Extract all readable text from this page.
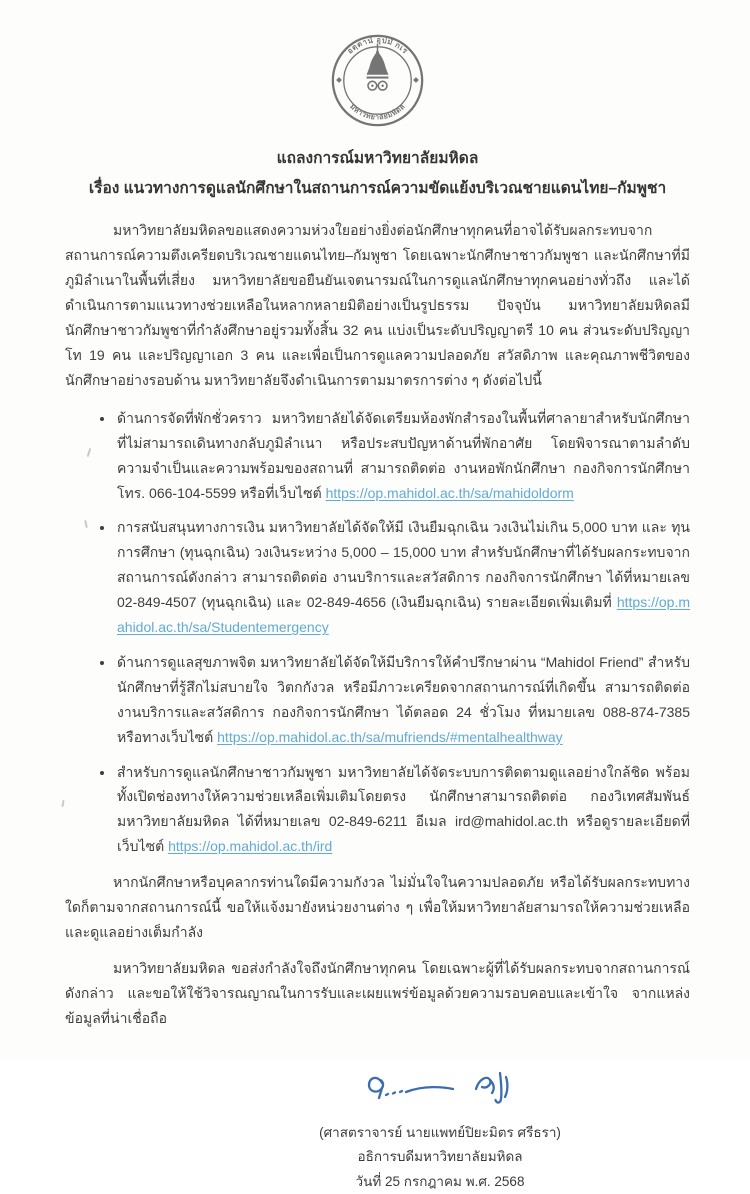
อตฺตานํ อุปมํ กเร
มหาวิทยาลัยมหิดล
แถลงการณ์มหาวิทยาลัยมหิดล
เรื่อง แนวทางการดูแลนักศึกษาในสถานการณ์ความขัดแย้งบริเวณชายแดนไทย–กัมพูชา

มหาวิทยาลัยมหิดลขอแสดงความห่วงใยอย่างยิ่งต่อนักศึกษาทุกคนที่อาจได้รับผลกระทบจากสถานการณ์ความตึงเครียดบริเวณชายแดนไทย–กัมพูชา โดยเฉพาะนักศึกษาชาวกัมพูชา และนักศึกษาที่มีภูมิลำเนาในพื้นที่เสี่ยง มหาวิทยาลัยขอยืนยันเจตนารมณ์ในการดูแลนักศึกษาทุกคนอย่างทั่วถึง และได้ดำเนินการตามแนวทางช่วยเหลือในหลากหลายมิติอย่างเป็นรูปธรรม ปัจจุบัน มหาวิทยาลัยมหิดลมีนักศึกษาชาวกัมพูชาที่กำลังศึกษาอยู่รวมทั้งสิ้น 32 คน แบ่งเป็นระดับปริญญาตรี 10 คน ส่วนระดับปริญญาโท 19 คน และปริญญาเอก 3 คน และเพื่อเป็นการดูแลความปลอดภัย สวัสดิภาพ และคุณภาพชีวิตของนักศึกษาอย่างรอบด้าน มหาวิทยาลัยจึงดำเนินการตามมาตรการต่าง ๆ ดังต่อไปนี้

• ด้านการจัดที่พักชั่วคราว มหาวิทยาลัยได้จัดเตรียมห้องพักสำรองในพื้นที่ศาลายาสำหรับนักศึกษาที่ไม่สามารถเดินทางกลับภูมิลำเนา หรือประสบปัญหาด้านที่พักอาศัย โดยพิจารณาตามลำดับความจำเป็นและความพร้อมของสถานที่ สามารถติดต่อ งานหอพักนักศึกษา กองกิจการนักศึกษา โทร. 066-104-5599 หรือที่เว็บไซต์ https://op.mahidol.ac.th/sa/mahidoldorm
• การสนับสนุนทางการเงิน มหาวิทยาลัยได้จัดให้มี เงินยืมฉุกเฉิน วงเงินไม่เกิน 5,000 บาท และ ทุนการศึกษา (ทุนฉุกเฉิน) วงเงินระหว่าง 5,000 – 15,000 บาท สำหรับนักศึกษาที่ได้รับผลกระทบจากสถานการณ์ดังกล่าว สามารถติดต่อ งานบริการและสวัสดิการ กองกิจการนักศึกษา ได้ที่หมายเลข 02-849-4507 (ทุนฉุกเฉิน) และ 02-849-4656 (เงินยืมฉุกเฉิน) รายละเอียดเพิ่มเติมที่ https://op.mahidol.ac.th/sa/Studentemergency
• ด้านการดูแลสุขภาพจิต มหาวิทยาลัยได้จัดให้มีบริการให้คำปรึกษาผ่าน “Mahidol Friend” สำหรับนักศึกษาที่รู้สึกไม่สบายใจ วิตกกังวล หรือมีภาวะเครียดจากสถานการณ์ที่เกิดขึ้น สามารถติดต่องานบริการและสวัสดิการ กองกิจการนักศึกษา ได้ตลอด 24 ชั่วโมง ที่หมายเลข 088-874-7385 หรือทางเว็บไซต์ https://op.mahidol.ac.th/sa/mufriends/#mentalhealthway
• สำหรับการดูแลนักศึกษาชาวกัมพูชา มหาวิทยาลัยได้จัดระบบการติดตามดูแลอย่างใกล้ชิด พร้อมทั้งเปิดช่องทางให้ความช่วยเหลือเพิ่มเติมโดยตรง นักศึกษาสามารถติดต่อ กองวิเทศสัมพันธ์ มหาวิทยาลัยมหิดล ได้ที่หมายเลข 02-849-6211 อีเมล ird@mahidol.ac.th หรือดูรายละเอียดที่เว็บไซต์ https://op.mahidol.ac.th/ird

หากนักศึกษาหรือบุคลากรท่านใดมีความกังวล ไม่มั่นใจในความปลอดภัย หรือได้รับผลกระทบทางใดก็ตามจากสถานการณ์นี้ ขอให้แจ้งมายังหน่วยงานต่าง ๆ เพื่อให้มหาวิทยาลัยสามารถให้ความช่วยเหลือและดูแลอย่างเต็มกำลัง

มหาวิทยาลัยมหิดล ขอส่งกำลังใจถึงนักศึกษาทุกคน โดยเฉพาะผู้ที่ได้รับผลกระทบจากสถานการณ์ดังกล่าว และขอให้ใช้วิจารณญาณในการรับและเผยแพร่ข้อมูลด้วยความรอบคอบและเข้าใจ จากแหล่งข้อมูลที่น่าเชื่อถือ

(ศาสตราจารย์ นายแพทย์ปิยะมิตร ศรีธรา)
อธิการบดีมหาวิทยาลัยมหิดล
วันที่ 25 กรกฎาคม พ.ศ. 2568
